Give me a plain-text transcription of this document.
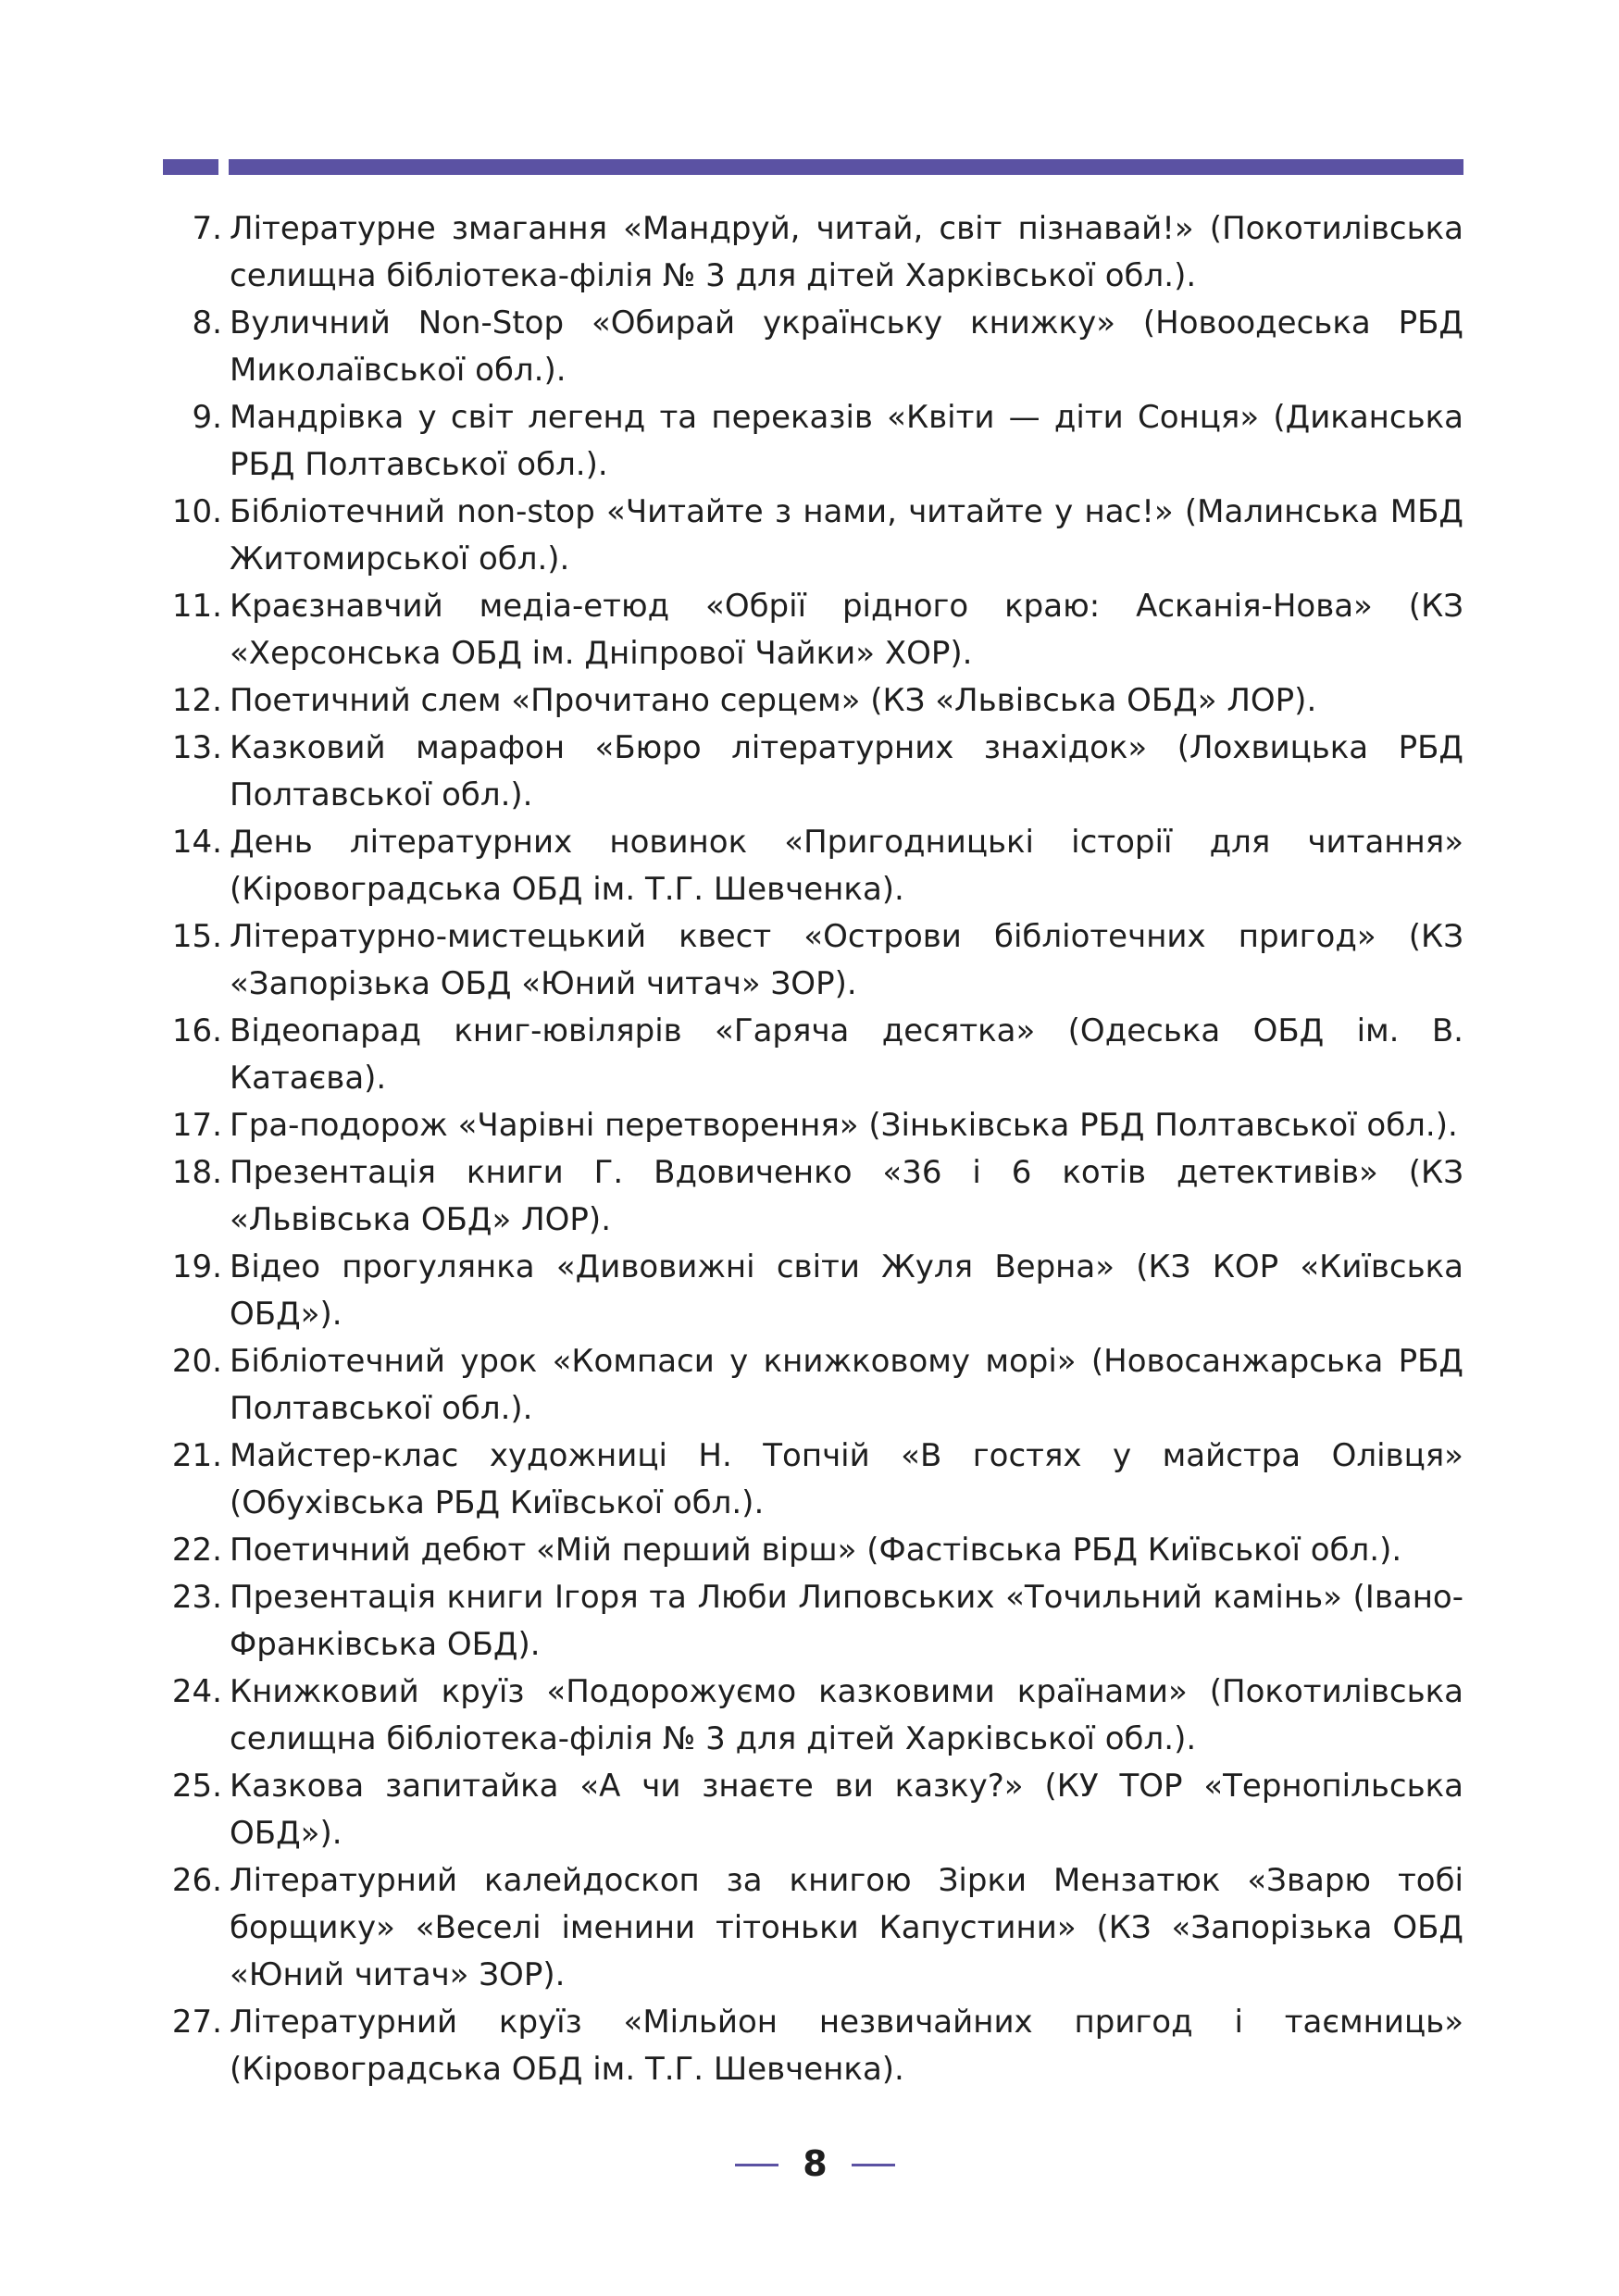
7. Літературне змагання «Мандруй, читай, світ пізнавай!» (Покотилівська селищна бібліотека-філія № 3 для дітей Харківської обл.).
8. Вуличний Non-Stop «Обирай українську книжку» (Новоодеська РБД Миколаївської обл.).
9. Мандрівка у світ легенд та переказів «Квіти — діти Сонця» (Диканська РБД Полтавської обл.).
10. Бібліотечний non-stop «Читайте з нами, читайте у нас!» (Малинська МБД Житомирської обл.).
11. Краєзнавчий медіа-етюд «Обрії рідного краю: Асканія-Нова» (КЗ «Херсонська ОБД ім. Дніпрової Чайки» ХОР).
12. Поетичний слем «Прочитано серцем» (КЗ «Львівська ОБД» ЛОР).
13. Казковий марафон «Бюро літературних знахідок» (Лохвицька РБД Полтавської обл.).
14. День літературних новинок «Пригодницькі історії для читання» (Кіровоградська ОБД ім. Т.Г. Шевченка).
15. Літературно-мистецький квест «Острови бібліотечних пригод» (КЗ «Запорізька ОБД «Юний читач» ЗОР).
16. Відеопарад книг-ювілярів «Гаряча десятка» (Одеська ОБД ім. В. Катаєва).
17. Гра-подорож «Чарівні перетворення» (Зіньківська РБД Полтавської обл.).
18. Презентація книги Г. Вдовиченко «36 і 6 котів детективів» (КЗ «Львівська ОБД» ЛОР).
19. Відео прогулянка «Дивовижні світи Жуля Верна» (КЗ КОР «Київська ОБД»).
20. Бібліотечний урок «Компаси у книжковому морі» (Новосанжарська РБД Полтавської обл.).
21. Майстер-клас художниці Н. Топчій «В гостях у майстра Олівця» (Обухівська РБД Київської обл.).
22. Поетичний дебют «Мій перший вірш» (Фастівська РБД Київської обл.).
23. Презентація книги Ігоря та Люби Липовських «Точильний камінь» (Івано-Франківська ОБД).
24. Книжковий круїз «Подорожуємо казковими країнами» (Покотилівська селищна бібліотека-філія № 3 для дітей Харківської обл.).
25. Казкова запитайка «А чи знаєте ви казку?» (КУ ТОР «Тернопільська ОБД»).
26. Літературний калейдоскоп за книгою Зірки Мензатюк «Зварю тобі борщику» «Веселі іменини тітоньки Капустини» (КЗ «Запорізька ОБД «Юний читач» ЗОР).
27. Літературний круїз «Мільйон незвичайних пригод і таємниць» (Кіровоградська ОБД ім. Т.Г. Шевченка).
8
